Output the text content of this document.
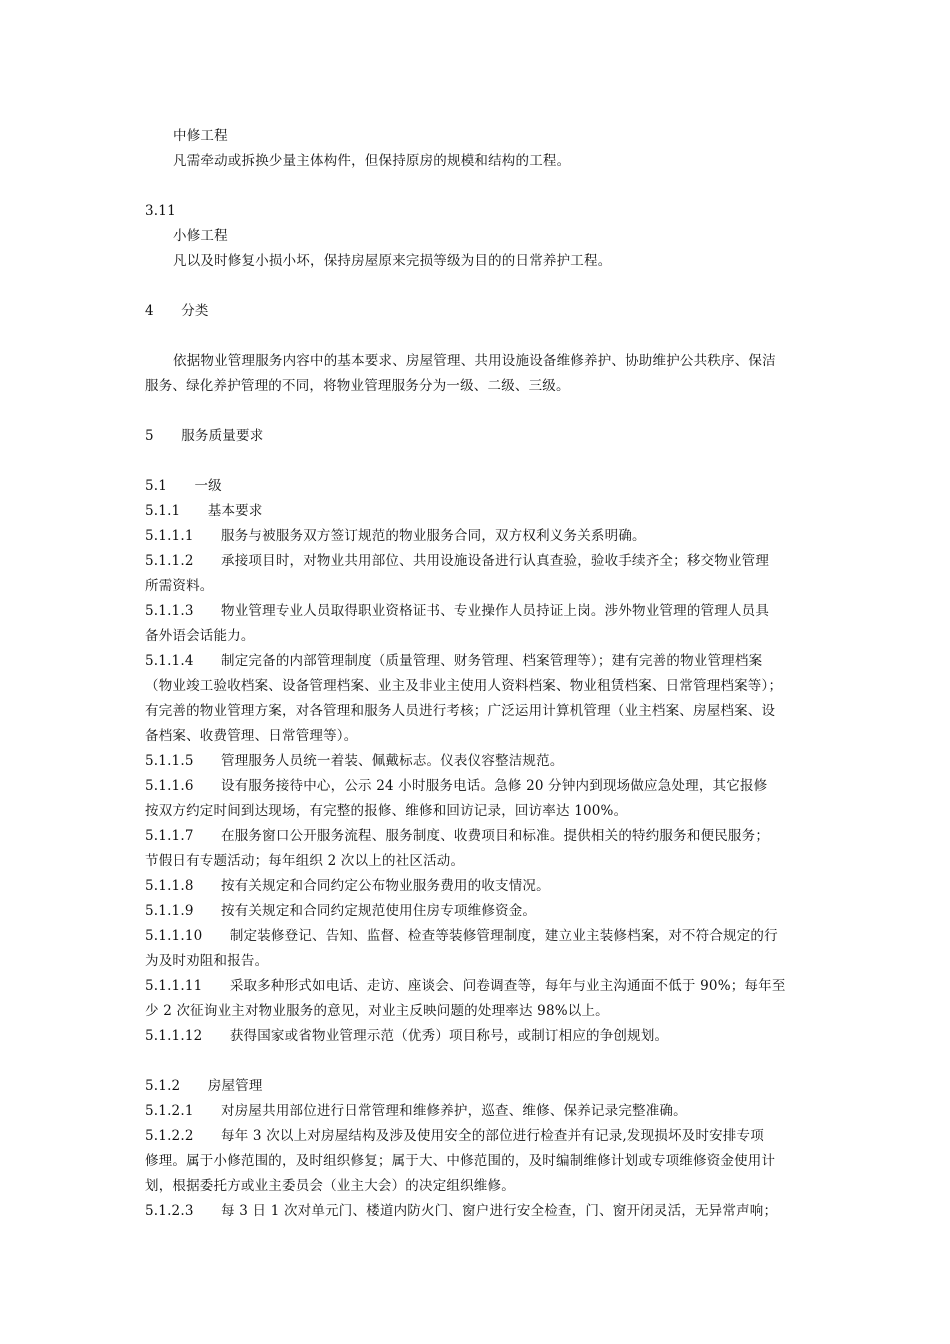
中修工程
凡需牵动或拆换少量主体构件，但保持原房的规模和结构的工程。
3.11
小修工程
凡以及时修复小损小坏，保持房屋原来完损等级为目的的日常养护工程。
4　　分类
依据物业管理服务内容中的基本要求、房屋管理、共用设施设备维修养护、协助维护公共秩序、保洁
服务、绿化养护管理的不同，将物业管理服务分为一级、二级、三级。
5　　服务质量要求
5.1　　一级
5.1.1　　基本要求
5.1.1.1　　服务与被服务双方签订规范的物业服务合同，双方权利义务关系明确。
5.1.1.2　　承接项目时，对物业共用部位、共用设施设备进行认真查验，验收手续齐全；移交物业管理
所需资料。
5.1.1.3　　物业管理专业人员取得职业资格证书、专业操作人员持证上岗。涉外物业管理的管理人员具
备外语会话能力。
5.1.1.4　　制定完备的内部管理制度（质量管理、财务管理、档案管理等）；建有完善的物业管理档案
（物业竣工验收档案、设备管理档案、业主及非业主使用人资料档案、物业租赁档案、日常管理档案等）；
有完善的物业管理方案，对各管理和服务人员进行考核；广泛运用计算机管理（业主档案、房屋档案、设
备档案、收费管理、日常管理等）。
5.1.1.5　　管理服务人员统一着装、佩戴标志。仪表仪容整洁规范。
5.1.1.6　　设有服务接待中心，公示 24 小时服务电话。急修 20 分钟内到现场做应急处理，其它报修
按双方约定时间到达现场，有完整的报修、维修和回访记录，回访率达 100%。
5.1.1.7　　在服务窗口公开服务流程、服务制度、收费项目和标准。提供相关的特约服务和便民服务；
节假日有专题活动；每年组织 2 次以上的社区活动。
5.1.1.8　　按有关规定和合同约定公布物业服务费用的收支情况。
5.1.1.9　　按有关规定和合同约定规范使用住房专项维修资金。
5.1.1.10　　制定装修登记、告知、监督、检查等装修管理制度，建立业主装修档案，对不符合规定的行
为及时劝阻和报告。
5.1.1.11　　采取多种形式如电话、走访、座谈会、问卷调查等，每年与业主沟通面不低于 90%；每年至
少 2 次征询业主对物业服务的意见，对业主反映问题的处理率达 98%以上。
5.1.1.12　　获得国家或省物业管理示范（优秀）项目称号，或制订相应的争创规划。
5.1.2　　房屋管理
5.1.2.1　　对房屋共用部位进行日常管理和维修养护，巡查、维修、保养记录完整准确。
5.1.2.2　　每年 3 次以上对房屋结构及涉及使用安全的部位进行检查并有记录,发现损坏及时安排专项
修理。属于小修范围的，及时组织修复；属于大、中修范围的，及时编制维修计划或专项维修资金使用计
划，根据委托方或业主委员会（业主大会）的决定组织维修。
5.1.2.3　　每 3 日 1 次对单元门、楼道内防火门、窗户进行安全检查，门、窗开闭灵活，无异常声响；
